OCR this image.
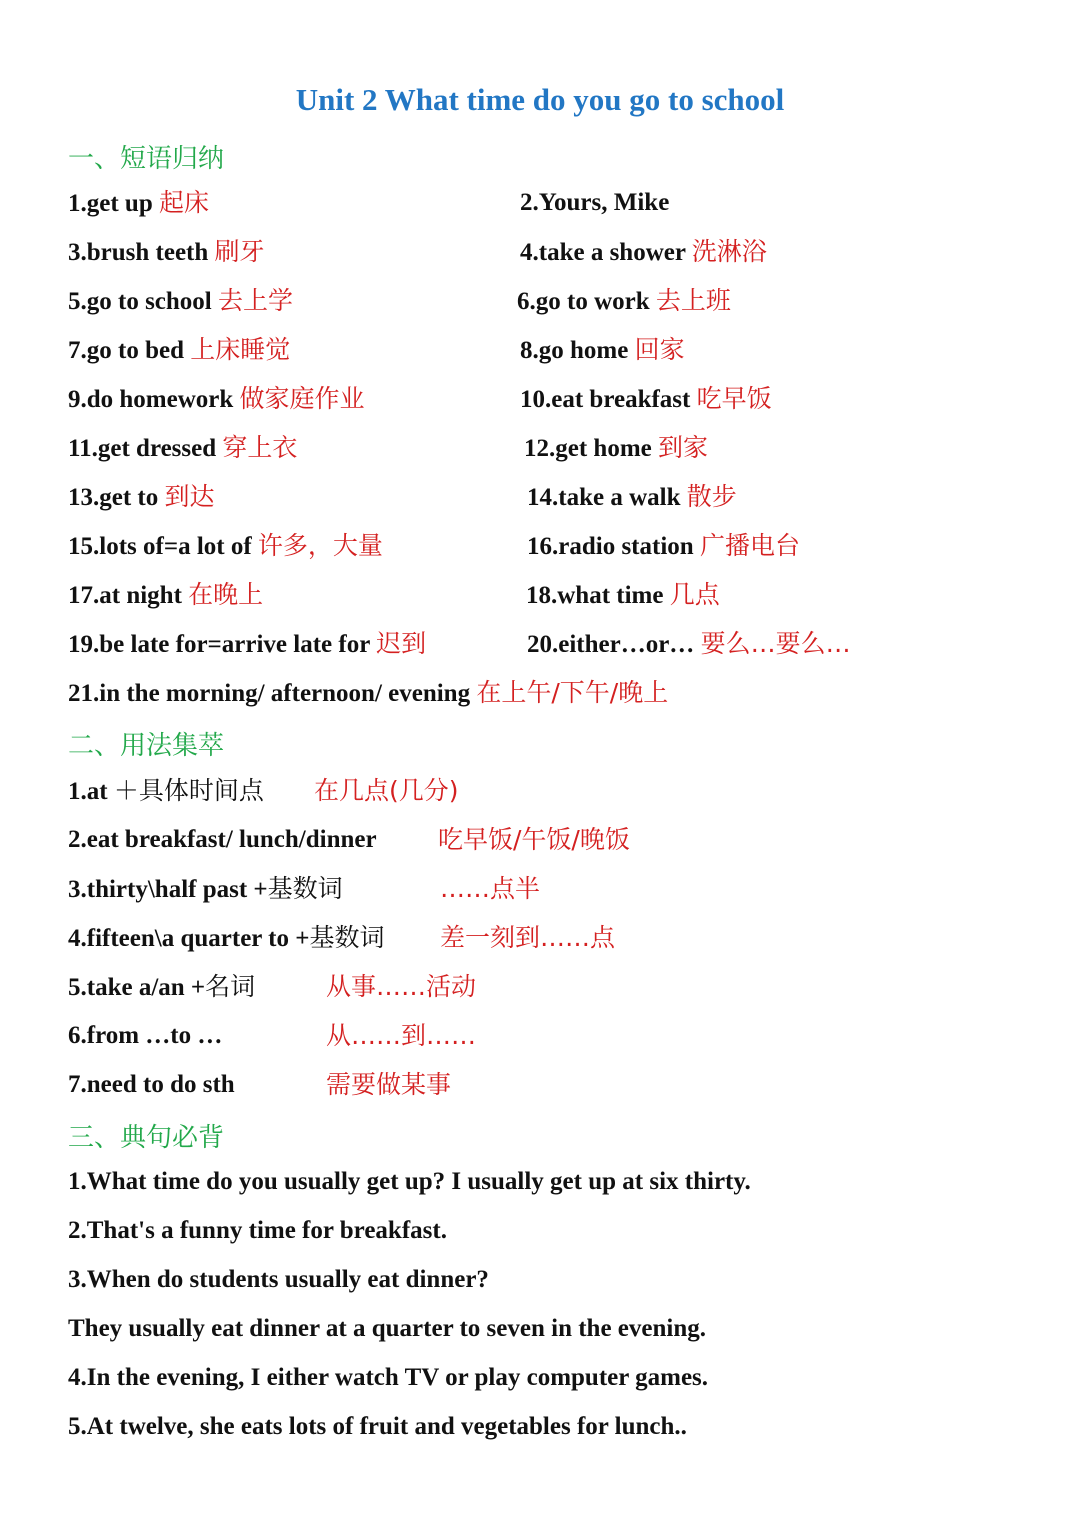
Unit 2 What time do you go to school
一、短语归纳
1.get up 起床	2.Yours, Mike
3.brush teeth 刷牙	4.take a shower 洗淋浴
5.go to school 去上学	6.go to work 去上班
7.go to bed 上床睡觉	8.go home 回家
9.do homework 做家庭作业	10.eat breakfast 吃早饭
11.get dressed 穿上衣	12.get home 到家
13.get to 到达	14.take a walk 散步
15.lots of=a lot of 许多，大量	16.radio station 广播电台
17.at night 在晚上	18.what time 几点
19.be late for=arrive late for 迟到	20.either…or… 要么…要么…
21.in the morning/ afternoon/ evening 在上午/下午/晚上
二、用法集萃
1.at ＋具体时间点 在几点(几分)
2.eat breakfast/ lunch/dinner 吃早饭/午饭/晚饭
3.thirty\half past +基数词	……点半
4.fifteen\a quarter to +基数词 差一刻到……点
5.take a/an +名词	从事……活动
6.from …to …	从……到……
7.need to do sth	需要做某事
三、典句必背
1.What time do you usually get up? I usually get up at six thirty.
2.That's a funny time for breakfast.
3.When do students usually eat dinner?
They usually eat dinner at a quarter to seven in the evening.
4.In the evening, I either watch TV or play computer games.
5.At twelve, she eats lots of fruit and vegetables for lunch..
